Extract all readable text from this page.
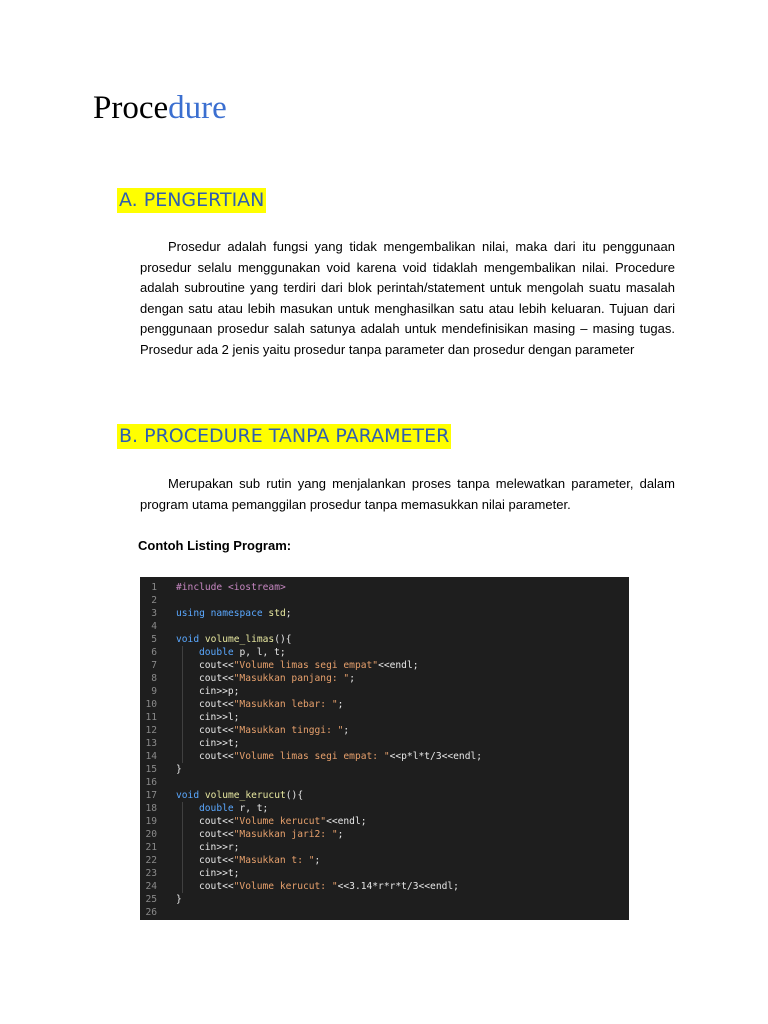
Procedure
A. PENGERTIAN
Prosedur adalah fungsi yang tidak mengembalikan nilai, maka dari itu penggunaan prosedur selalu menggunakan void karena void tidaklah mengembalikan nilai. Procedure adalah subroutine yang terdiri dari blok perintah/statement untuk mengolah suatu masalah dengan satu atau lebih masukan untuk menghasilkan satu atau lebih keluaran. Tujuan dari penggunaan prosedur salah satunya adalah untuk mendefinisikan masing – masing tugas. Prosedur ada 2 jenis yaitu prosedur tanpa parameter dan prosedur dengan parameter
B. PROCEDURE TANPA PARAMETER
Merupakan sub rutin yang menjalankan proses tanpa melewatkan parameter, dalam program utama pemanggilan prosedur tanpa memasukkan nilai parameter.
Contoh Listing Program:
1 #include <iostream>
2
3 using namespace std;
4
5 void volume_limas(){
6	double p, l, t;
7	cout<<"Volume limas segi empat"<<endl;
8	cout<<"Masukkan panjang: ";
9	cin>>p;
10	cout<<"Masukkan lebar: ";
11	cin>>l;
12	cout<<"Masukkan tinggi: ";
13	cin>>t;
14	cout<<"Volume limas segi empat: "<<p*l*t/3<<endl;
15 }
16
17 void volume_kerucut(){
18	double r, t;
19	cout<<"Volume kerucut"<<endl;
20	cout<<"Masukkan jari2: ";
21	cin>>r;
22	cout<<"Masukkan t: ";
23	cin>>t;
24	cout<<"Volume kerucut: "<<3.14*r*r*t/3<<endl;
25 }
26
